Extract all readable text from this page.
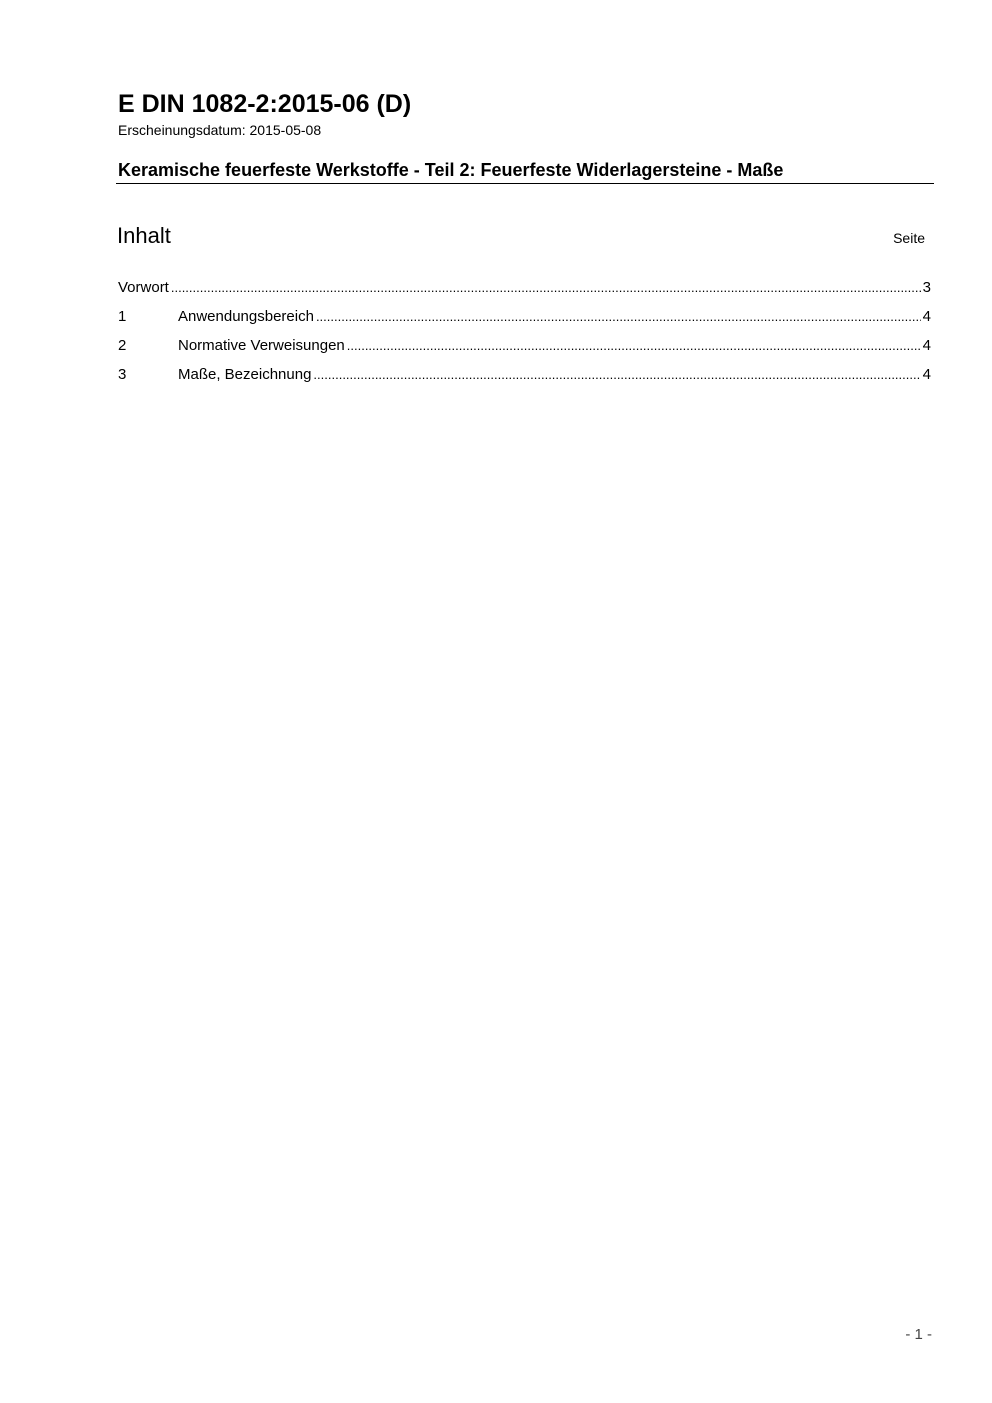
E DIN 1082-2:2015-06 (D)
Erscheinungsdatum: 2015-05-08
Keramische feuerfeste Werkstoffe - Teil 2: Feuerfeste Widerlagersteine - Maße
Inhalt	Seite
Vorwort .....	3
1	Anwendungsbereich .....	4
2	Normative Verweisungen .....	4
3	Maße, Bezeichnung .....	4
- 1 -
